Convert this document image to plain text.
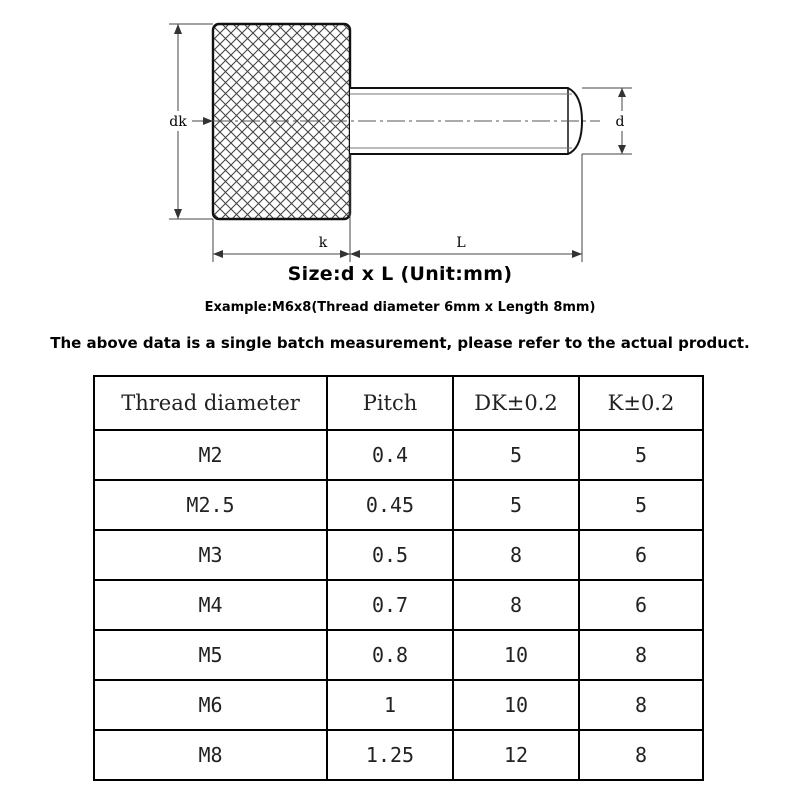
dk	d
k	L
Size:d x L (Unit:mm)
Example:M6x8(Thread diameter 6mm x Length 8mm)
The above data is a single batch measurement, please refer to the actual product.
Thread diameter	Pitch	DK±0.2	K±0.2
M2	0.4	5	5
M2.5	0.45	5	5
M3	0.5	8	6
M4	0.7	8	6
M5	0.8	10	8
M6	1	10	8
M8	1.25	12	8
